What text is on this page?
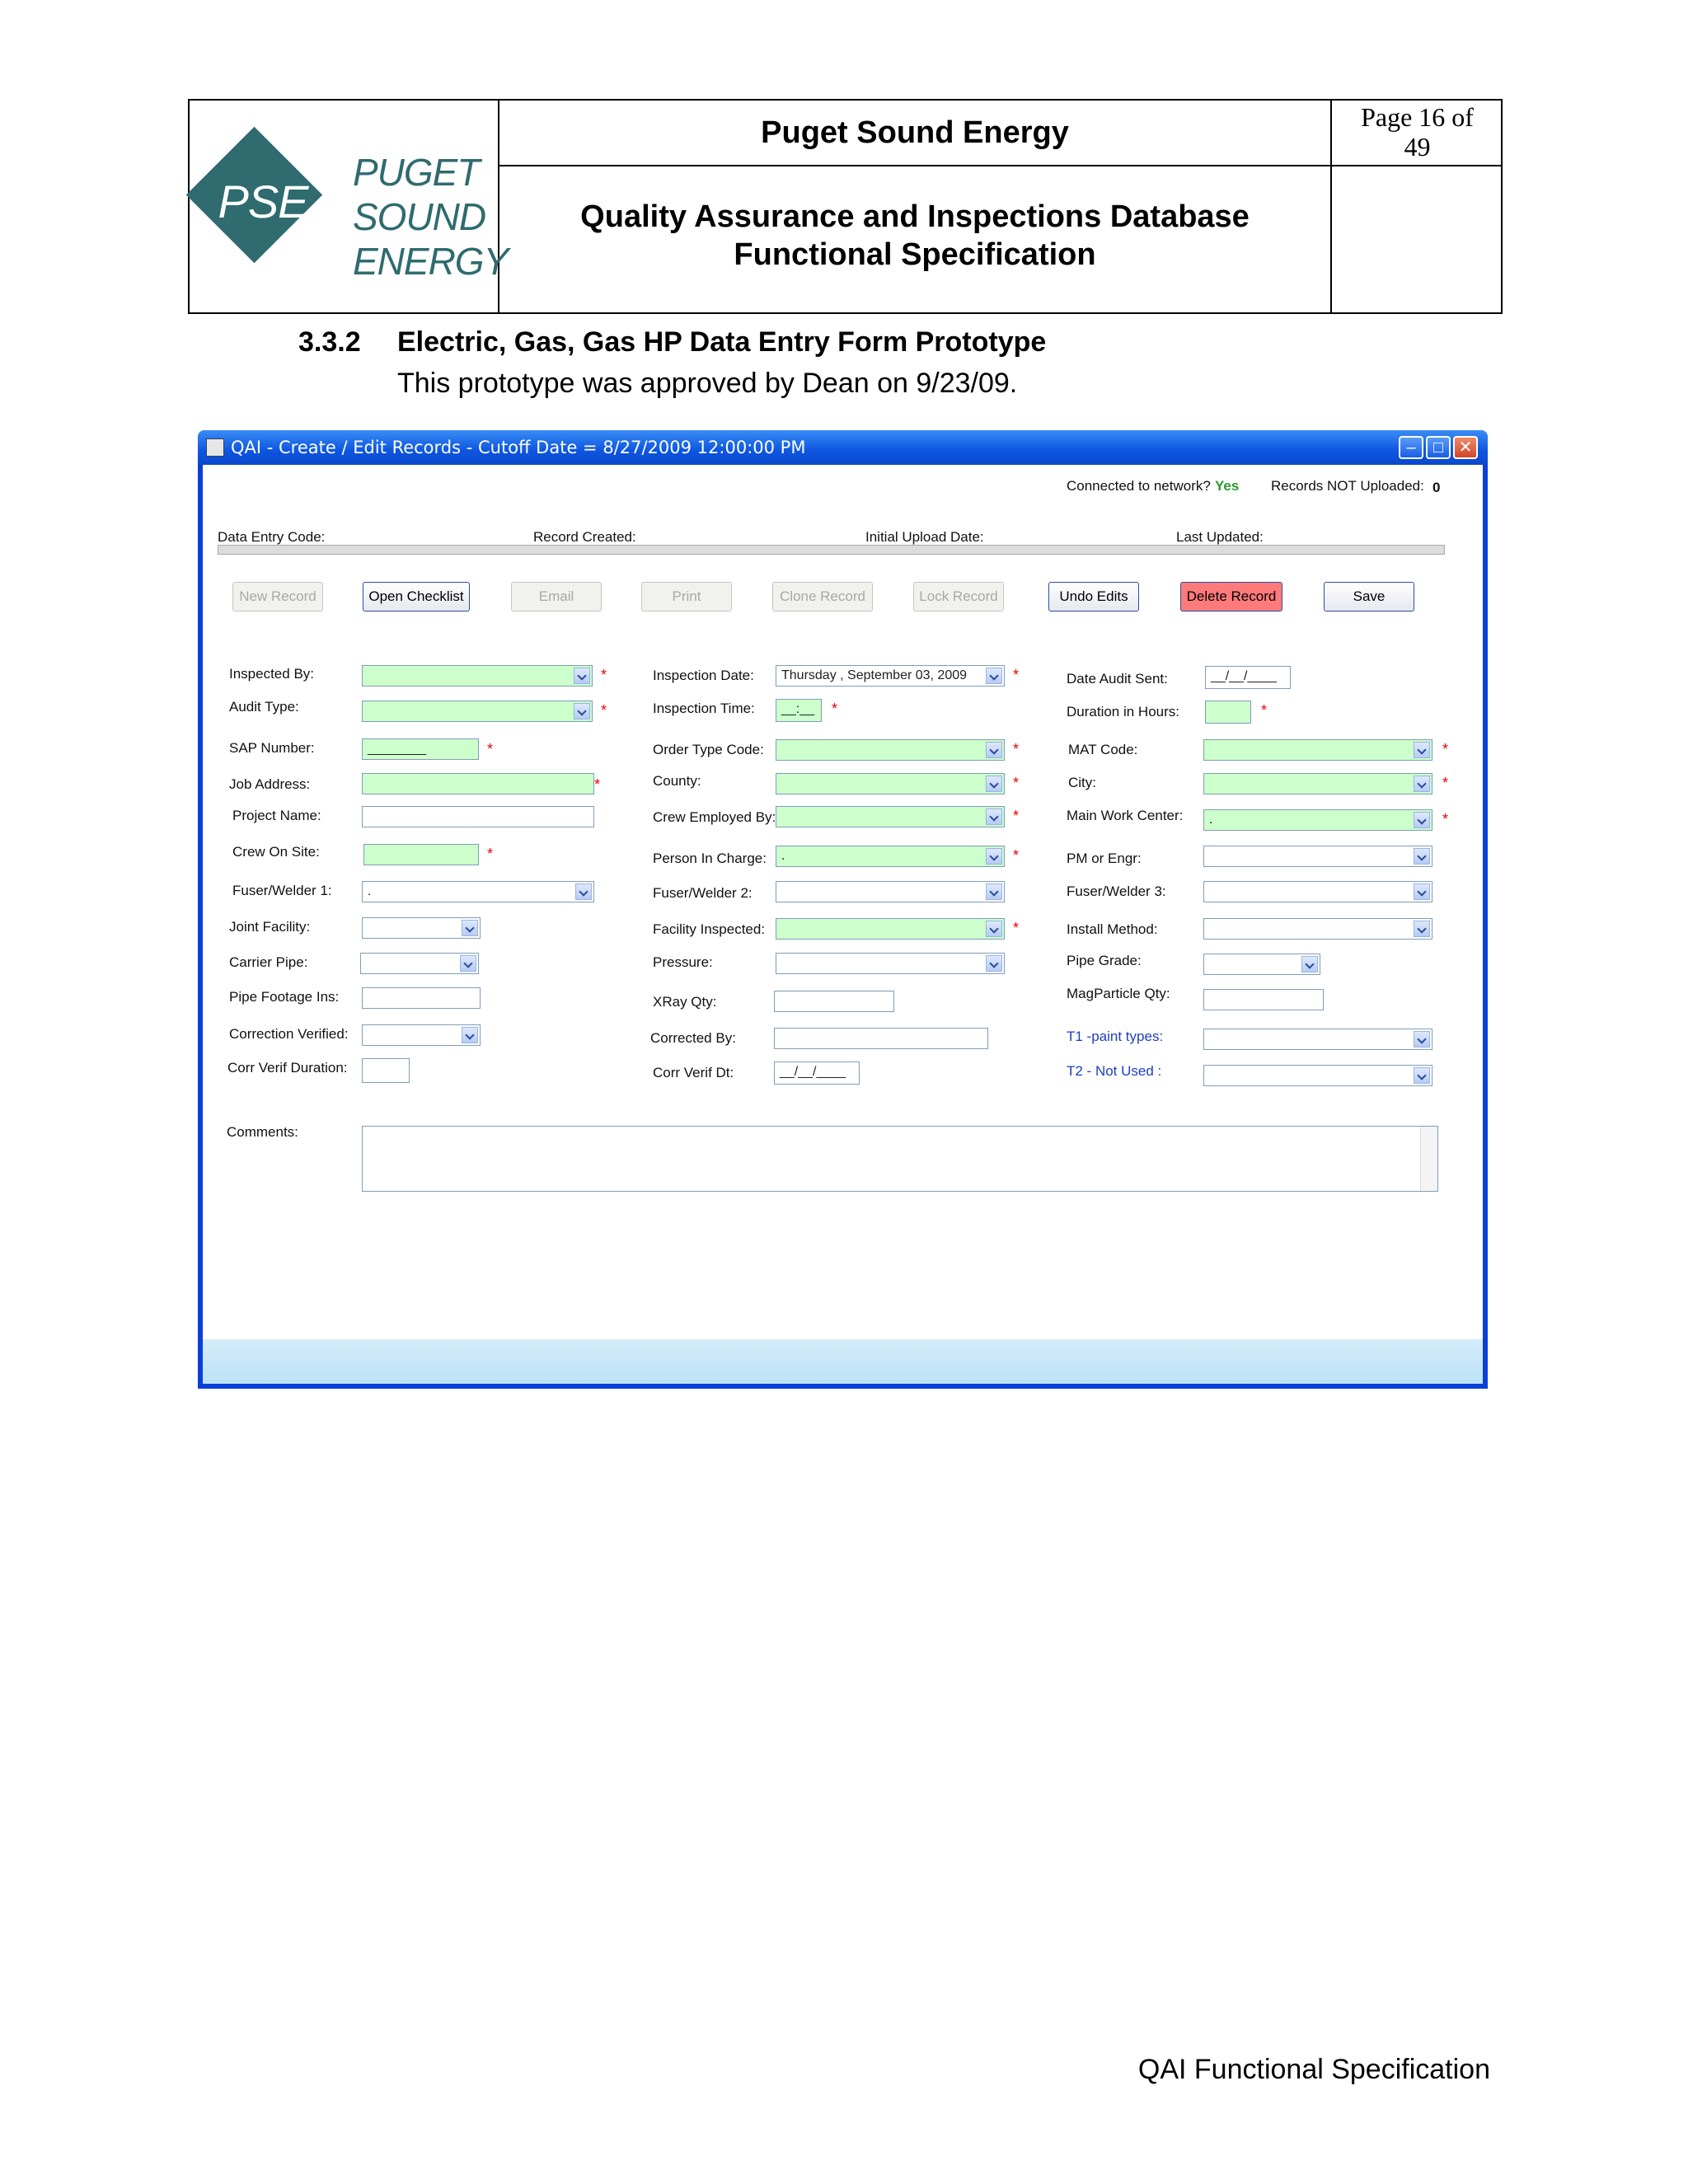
PSE
PUGET
SOUND
ENERGY
Puget Sound Energy
Quality Assurance and Inspections Database
Functional Specification
Page 16 of
49
3.3.2 Electric, Gas, Gas HP Data Entry Form Prototype
This prototype was approved by Dean on 9/23/09.
QAI - Create / Edit Records - Cutoff Date = 8/27/2009 12:00:00 PM	–	□ ✕
Connected to network? Yes Records NOT Uploaded: 0
Data Entry Code:	Record Created:	Initial Upload Date:	Last Updated:
New Record	Open Checklist	Email	Print	Clone Record	Lock Record	Undo Edits	Delete Record	Save
Inspected By:	*
Audit Type:	*
SAP Number:	________	*
Job Address:	*
Project Name:
Crew On Site:	*
Fuser/Welder 1:	.
Joint Facility:
Carrier Pipe:
Pipe Footage Ins:
Correction Verified:
Corr Verif Duration:
Inspection Date:	Thursday , September 03, 2009	*
Inspection Time:	__:__	*
Order Type Code:	*
County:	*
Crew Employed By:	*
Person In Charge:	.	*
Fuser/Welder 2:
Facility Inspected:	*
Pressure:
XRay Qty:
Corrected By:
Corr Verif Dt:	__/__/____
Date Audit Sent:	__/__/____
Duration in Hours:	*
MAT Code:	*
City:	*
Main Work Center:	.	*
PM or Engr:
Fuser/Welder 3:
Install Method:
Pipe Grade:
MagParticle Qty:
T1 -paint types:
T2 - Not Used :
Comments:
QAI Functional Specification
